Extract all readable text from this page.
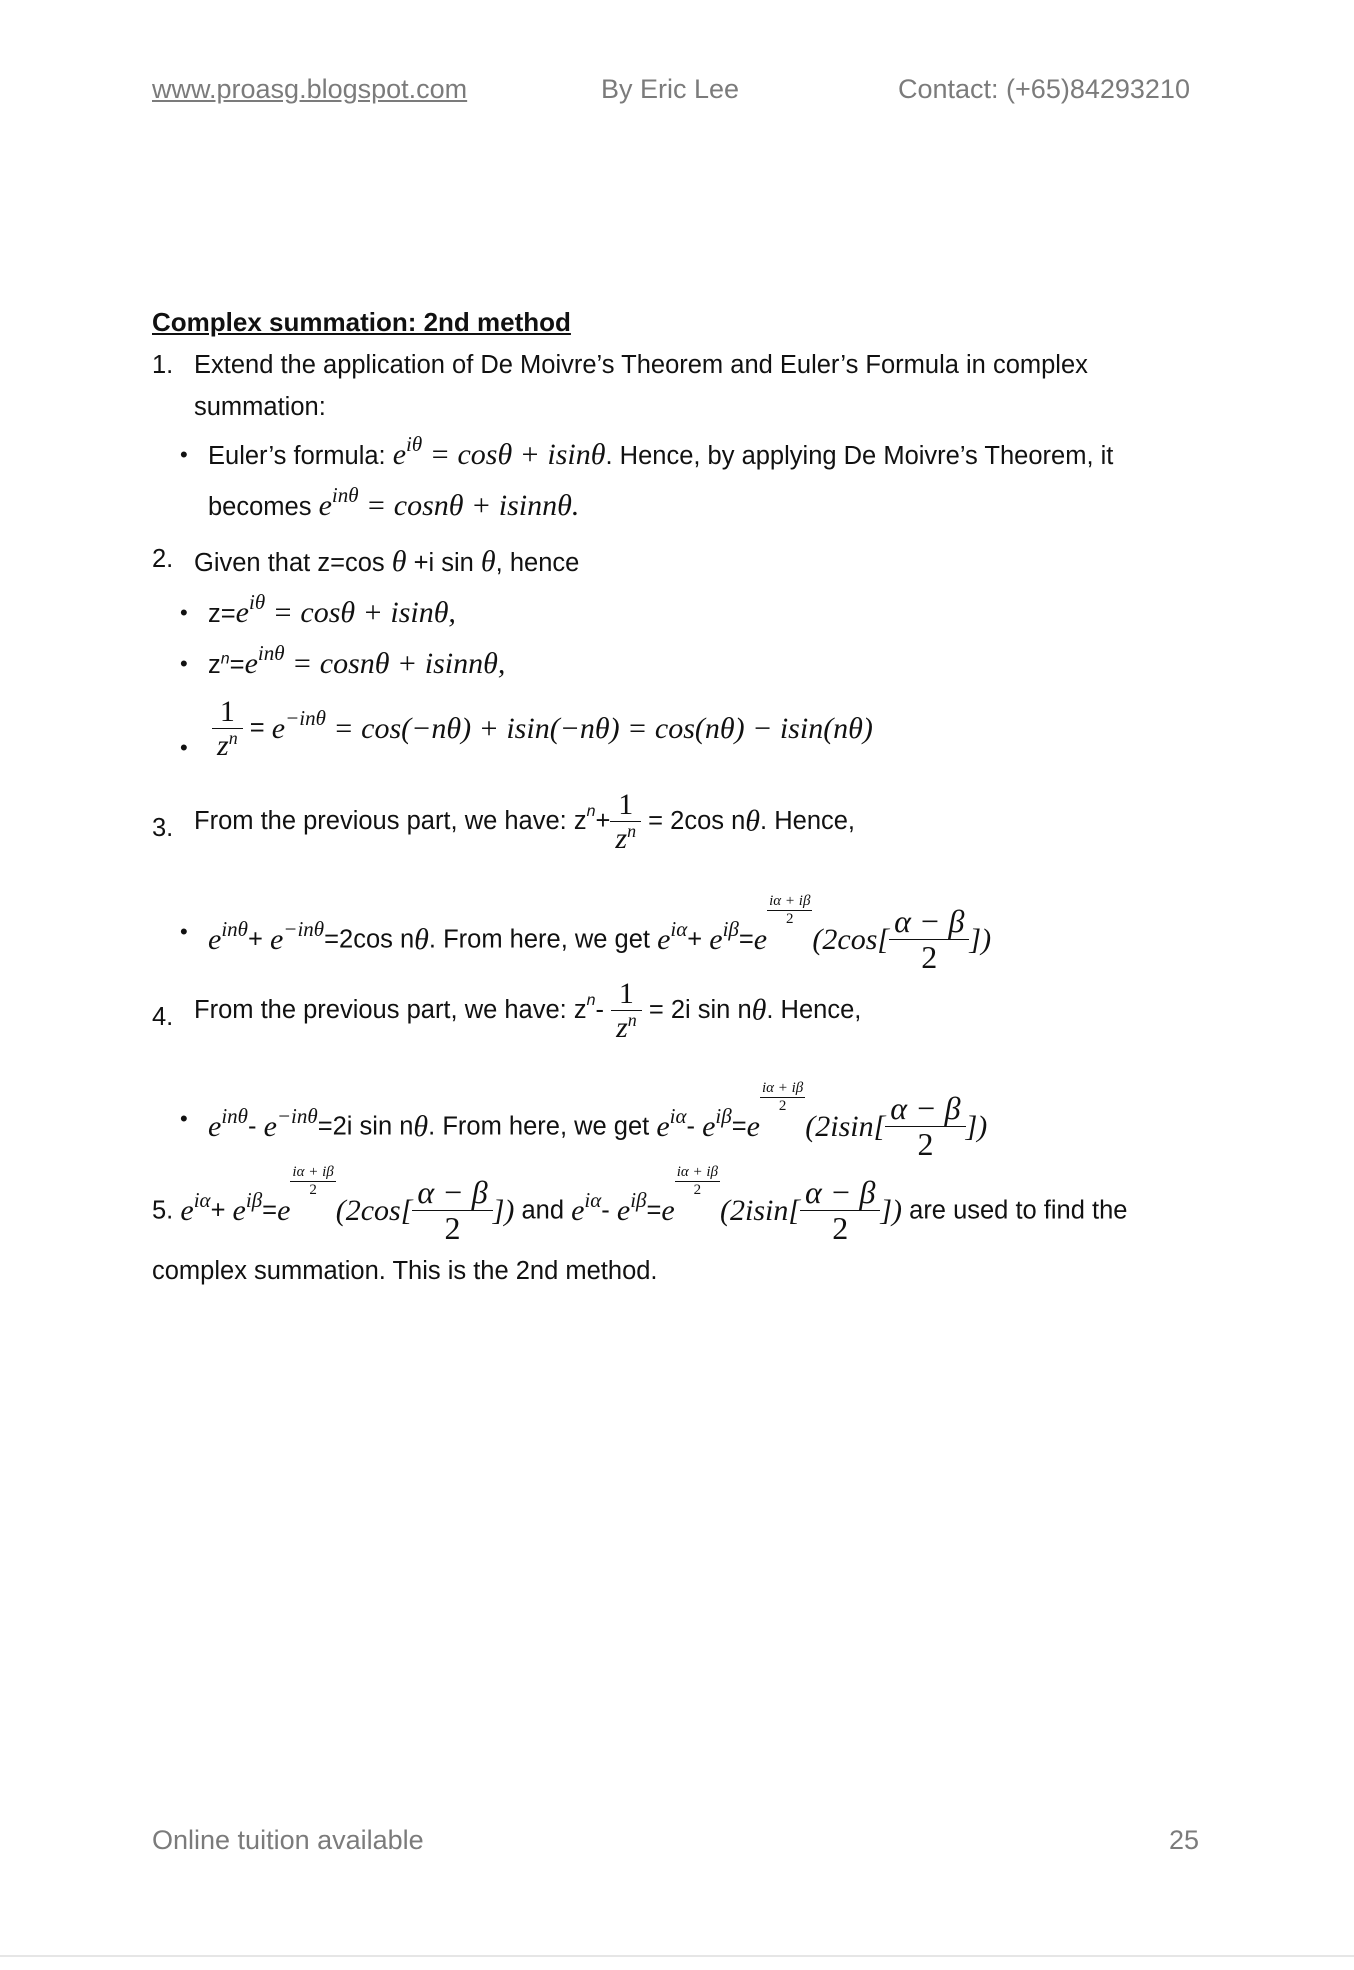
www.proasg.blogspot.com	By Eric Lee	Contact: (+65)84293210
Complex summation: 2nd method
1. Extend the application of De Moivre’s Theorem and Euler’s Formula in complex
summation:
• Euler’s formula: $e^{i\theta} = \cos\theta + isin\theta$. Hence, by applying De Moivre’s Theorem, it
becomes $e^{in\theta} = \cos n\theta + isinn\theta$.
2. Given that z=cos θ +i sin θ, hence
• $z=e^{i\theta} = \cos\theta + isin\theta$,
• $z^n=e^{in\theta} = \cos n\theta + isinn\theta$,
• $\frac{1}{z^n} = e^{-in\theta} = \cos(-n\theta) + isin(-n\theta) = \cos(n\theta) - isin(n\theta)$
3. From the previous part, we have: $z^n+ \frac{1}{z^n} = 2\cos$ nθ. Hence,
• $e^{in\theta}+ e^{-in\theta}=2\cos$ nθ. From here, we get $e^{i\alpha}+ e^{i\beta}=e$
$\frac{i\alpha + i\beta}{2}$
($2\cos[ \frac{\alpha - \beta}{2}$ ])
4. From the previous part, we have: $z^n- \frac{1}{z^n} = 2i$ sin nθ. Hence,
• $e^{in\theta}-$ $e^{-in\theta}=2i$ sin nθ. From here, we get $e^{i\alpha}-$ $e^{i\beta}=e$
$\frac{i\alpha + i\beta}{2}$
($2isin[ \frac{\alpha - \beta}{2}$ ])
5. $e^{i\alpha}+ e^{i\beta}=e$
$\frac{i\alpha + i\beta}{2}$
($2\cos[ \frac{\alpha - \beta}{2}$ ]) and $e^{i\alpha}-$ $e^{i\beta}=e$
$\frac{i\alpha + i\beta}{2}$
($2isin[ \frac{\alpha - \beta}{2}$ ]) are used to find the
complex summation. This is the 2nd method.
Online tuition available	25
